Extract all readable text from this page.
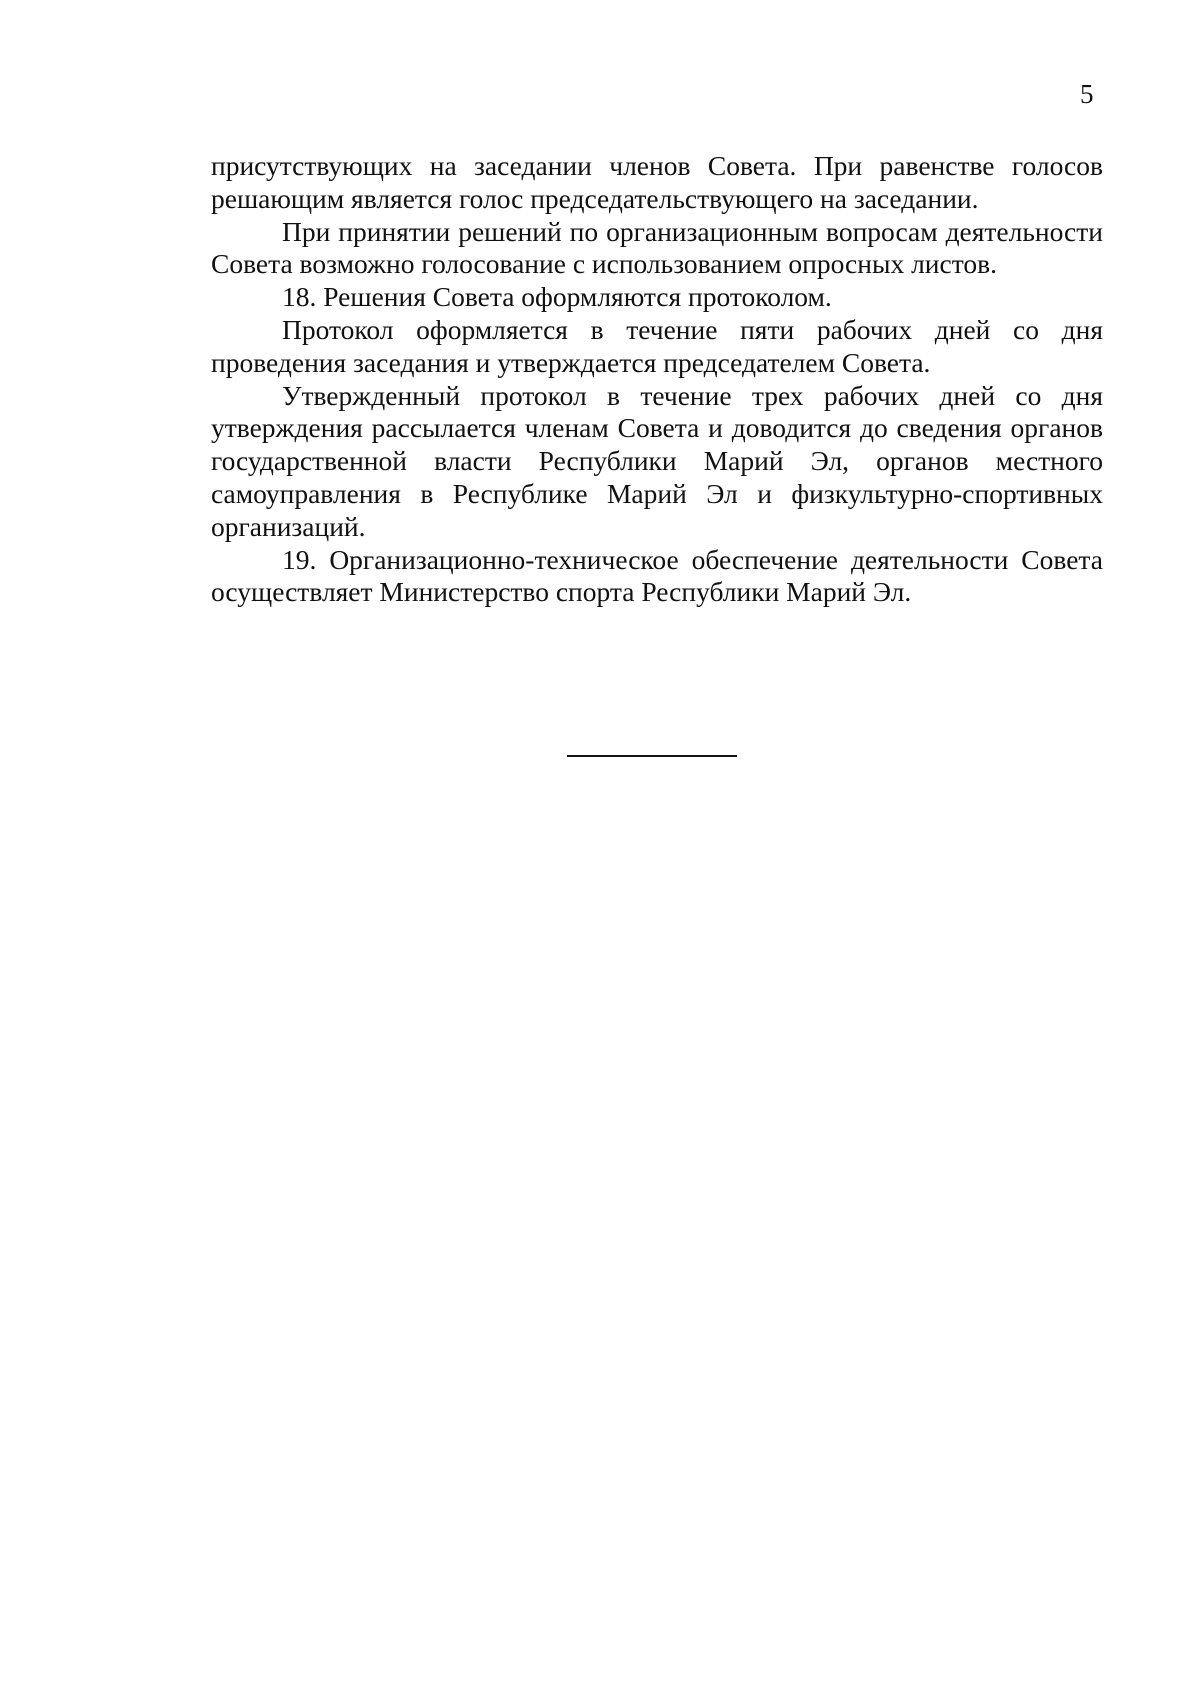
5

присутствующих на заседании членов Совета. При равенстве голосов решающим является голос председательствующего на заседании.

При принятии решений по организационным вопросам деятельности Совета возможно голосование с использованием опросных листов.

18. Решения Совета оформляются протоколом.

Протокол оформляется в течение пяти рабочих дней со дня проведения заседания и утверждается председателем Совета.

Утвержденный протокол в течение трех рабочих дней со дня утверждения рассылается членам Совета и доводится до сведения органов государственной власти Республики Марий Эл, органов местного самоуправления в Республике Марий Эл и физкультурно-спортивных организаций.

19. Организационно-техническое обеспечение деятельности Совета осуществляет Министерство спорта Республики Марий Эл.
